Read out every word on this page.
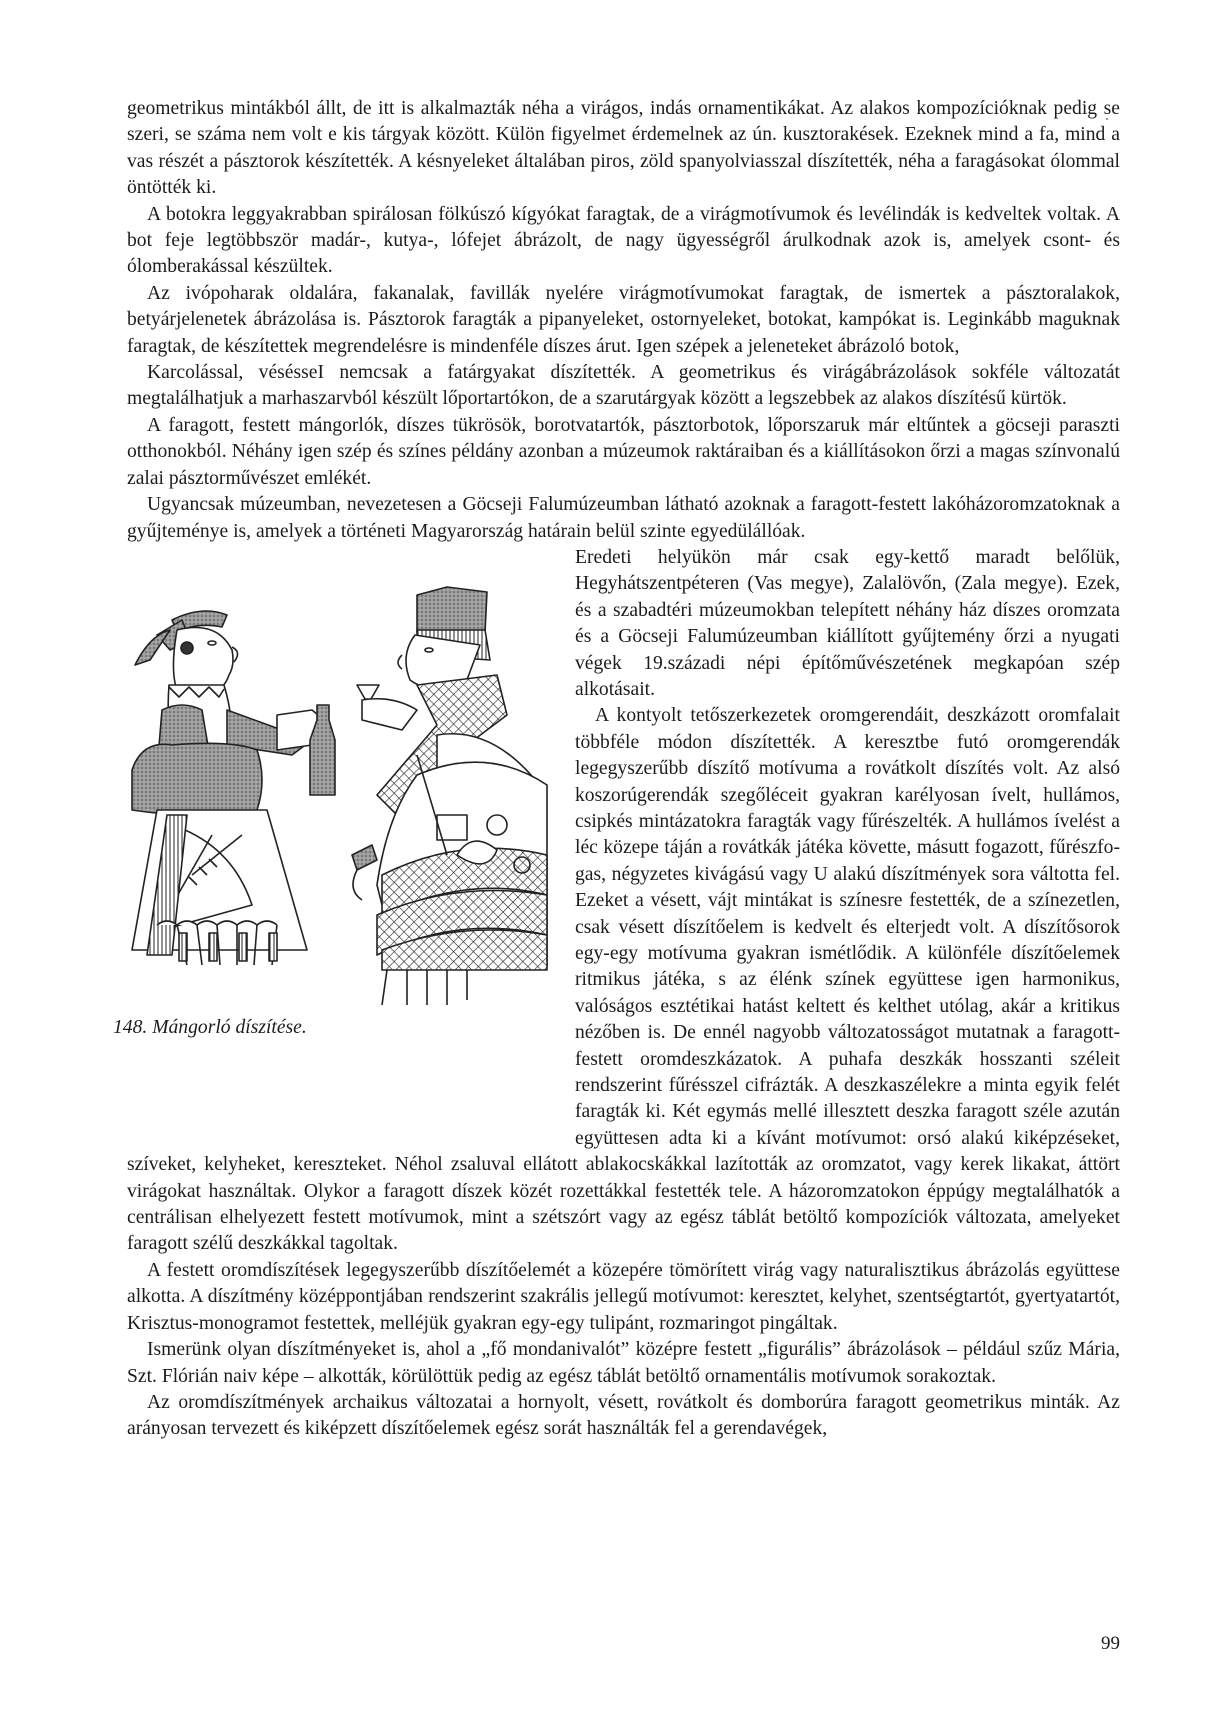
geometrikus mintákból állt, de itt is alkalmazták néha a virágos, indás ornamentikákat. Az alakos kompozícióknak pedig se szeri, se száma nem volt e kis tárgyak között. Külön figyelmet érdemelnek az ún. kusztorakések. Ezeknek mind a fa, mind a vas részét a pásztorok készítették. A késnyeleket általában piros, zöld spanyolviasszal díszítették, néha a faragásokat ólommal öntötték ki.

A botokra leggyakrabban spirálosan fölkúszó kígyókat faragtak, de a virágmotívumok és levélindák is kedveltek voltak. A bot feje legtöbbször madár-, kutya-, lófejet ábrázolt, de nagy ügyességről árulkodnak azok is, amelyek csont- és ólomberakással készültek.

Az ivópoharak oldalára, fakanalak, favillák nyelére virágmotívumokat faragtak, de ismertek a pásztoralakok, betyárjelenetek ábrázolása is. Pásztorok faragták a pipanyeleket, ostornyeleket, botokat, kampókat is. Leginkább maguknak faragtak, de készítettek megrendelésre is mindenféle díszes árut. Igen szépek a jeleneteket ábrázoló botok,

Karcolással, vésésseI nemcsak a fatárgyakat díszítették. A geometrikus és virágábrázolások sokféle változatát megtalálhatjuk a marhaszarvból készült lőportartókon, de a szarutárgyak között a legszebbek az alakos díszítésű kürtök.

A faragott, festett mángorlók, díszes tükrösök, borotvatartók, pásztorbotok, lőporszaruk már eltűntek a göcseji paraszti otthonokból. Néhány igen szép és színes példány azonban a múzeumok raktáraiban és a kiállításokon őrzi a magas színvonalú zalai pásztorművészet emlékét.

Ugyancsak múzeumban, nevezetesen a Göcseji Falumúzeumban látható azoknak a faragott-festett lakóházoromzatoknak a gyűjteménye is, amelyek a történeti Magyarország határain belül szinte egyedülállóak.

148. Mángorló díszítése.

Eredeti helyükön már csak egy-kettő maradt belőlük, Hegyhátszentpéteren (Vas megye), Zalalövőn, (Zala megye). Ezek, és a szabadtéri múzeumokban telepített néhány ház díszes oromzata és a Göcseji Falumúzeumban kiállított gyűjtemény őrzi a nyugati végek 19.századi népi építőművészetének megkapóan szép alkotásait.

A kontyolt tetőszerkezetek oromgerendáit, deszkázott oromfalait többféle módon díszítették. A keresztbe futó oromgerendák legegyszerűbb díszítő motívuma a rovátkolt díszítés volt. Az alsó koszorúgerendák szegőléceit gyakran karélyosan ívelt, hullámos, csipkés mintázatokra faragták vagy fűrészelték. A hullámos ívelést a léc közepe táján a rovátkák játéka követte, másutt fogazott, fűrészfogas, négyzetes kivágású vagy U alakú díszítmények sora váltotta fel. Ezeket a vésett, vájt mintákat is színesre festették, de a színezetlen, csak vésett díszítőelem is kedvelt és elterjedt volt. A díszítősorok egy-egy motívuma gyakran ismétlődik. A különféle díszítőelemek ritmikus játéka, s az élénk színek együttese igen harmonikus, valóságos esztétikai hatást keltett és kelthet utólag, akár a kritikus nézőben is. De ennél nagyobb változatosságot mutatnak a faragott-festett oromdeszkázatok. A puhafa deszkák hosszanti széleit rendszerint fűrésszel cifrázták. A deszkaszélekre a minta egyik felét faragták ki. Két egymás mellé illesztett deszka faragott széle azután együttesen adta ki a kívánt motívumot: orsó alakú kiképzéseket, szíveket, kelyheket, kereszteket. Néhol zsaluval ellátott ablakocskákkal lazították az oromzatot, vagy kerek likakat, áttört virágokat használtak. Olykor a faragott díszek közét rozettákkal festették tele. A házoromzatokon éppúgy megtalálhatók a centrálisan elhelyezett festett motívumok, mint a szétszórt vagy az egész táblát betöltő kompozíciók változata, amelyeket faragott szélű deszkákkal tagoltak.

A festett oromdíszítések legegyszerűbb díszítőelemét a közepére tömörített virág vagy naturalisztikus ábrázolás együttese alkotta. A díszítmény középpontjában rendszerint szakrális jellegű motívumot: keresztet, kelyhet, szentségtartót, gyertyatartót, Krisztus-monogramot festettek, melléjük gyakran egy-egy tulipánt, rozmaringot pingáltak.

Ismerünk olyan díszítményeket is, ahol a „fő mondanivalót” középre festett „figurális” ábrázolások – például szűz Mária, Szt. Flórián naiv képe – alkották, körülöttük pedig az egész táblát betöltő ornamentális motívumok sorakoztak.

Az oromdíszítmények archaikus változatai a hornyolt, vésett, rovátkolt és domborúra faragott geometrikus minták. Az arányosan tervezett és kiképzett díszítőelemek egész sorát használták fel a gerendavégek,

99
